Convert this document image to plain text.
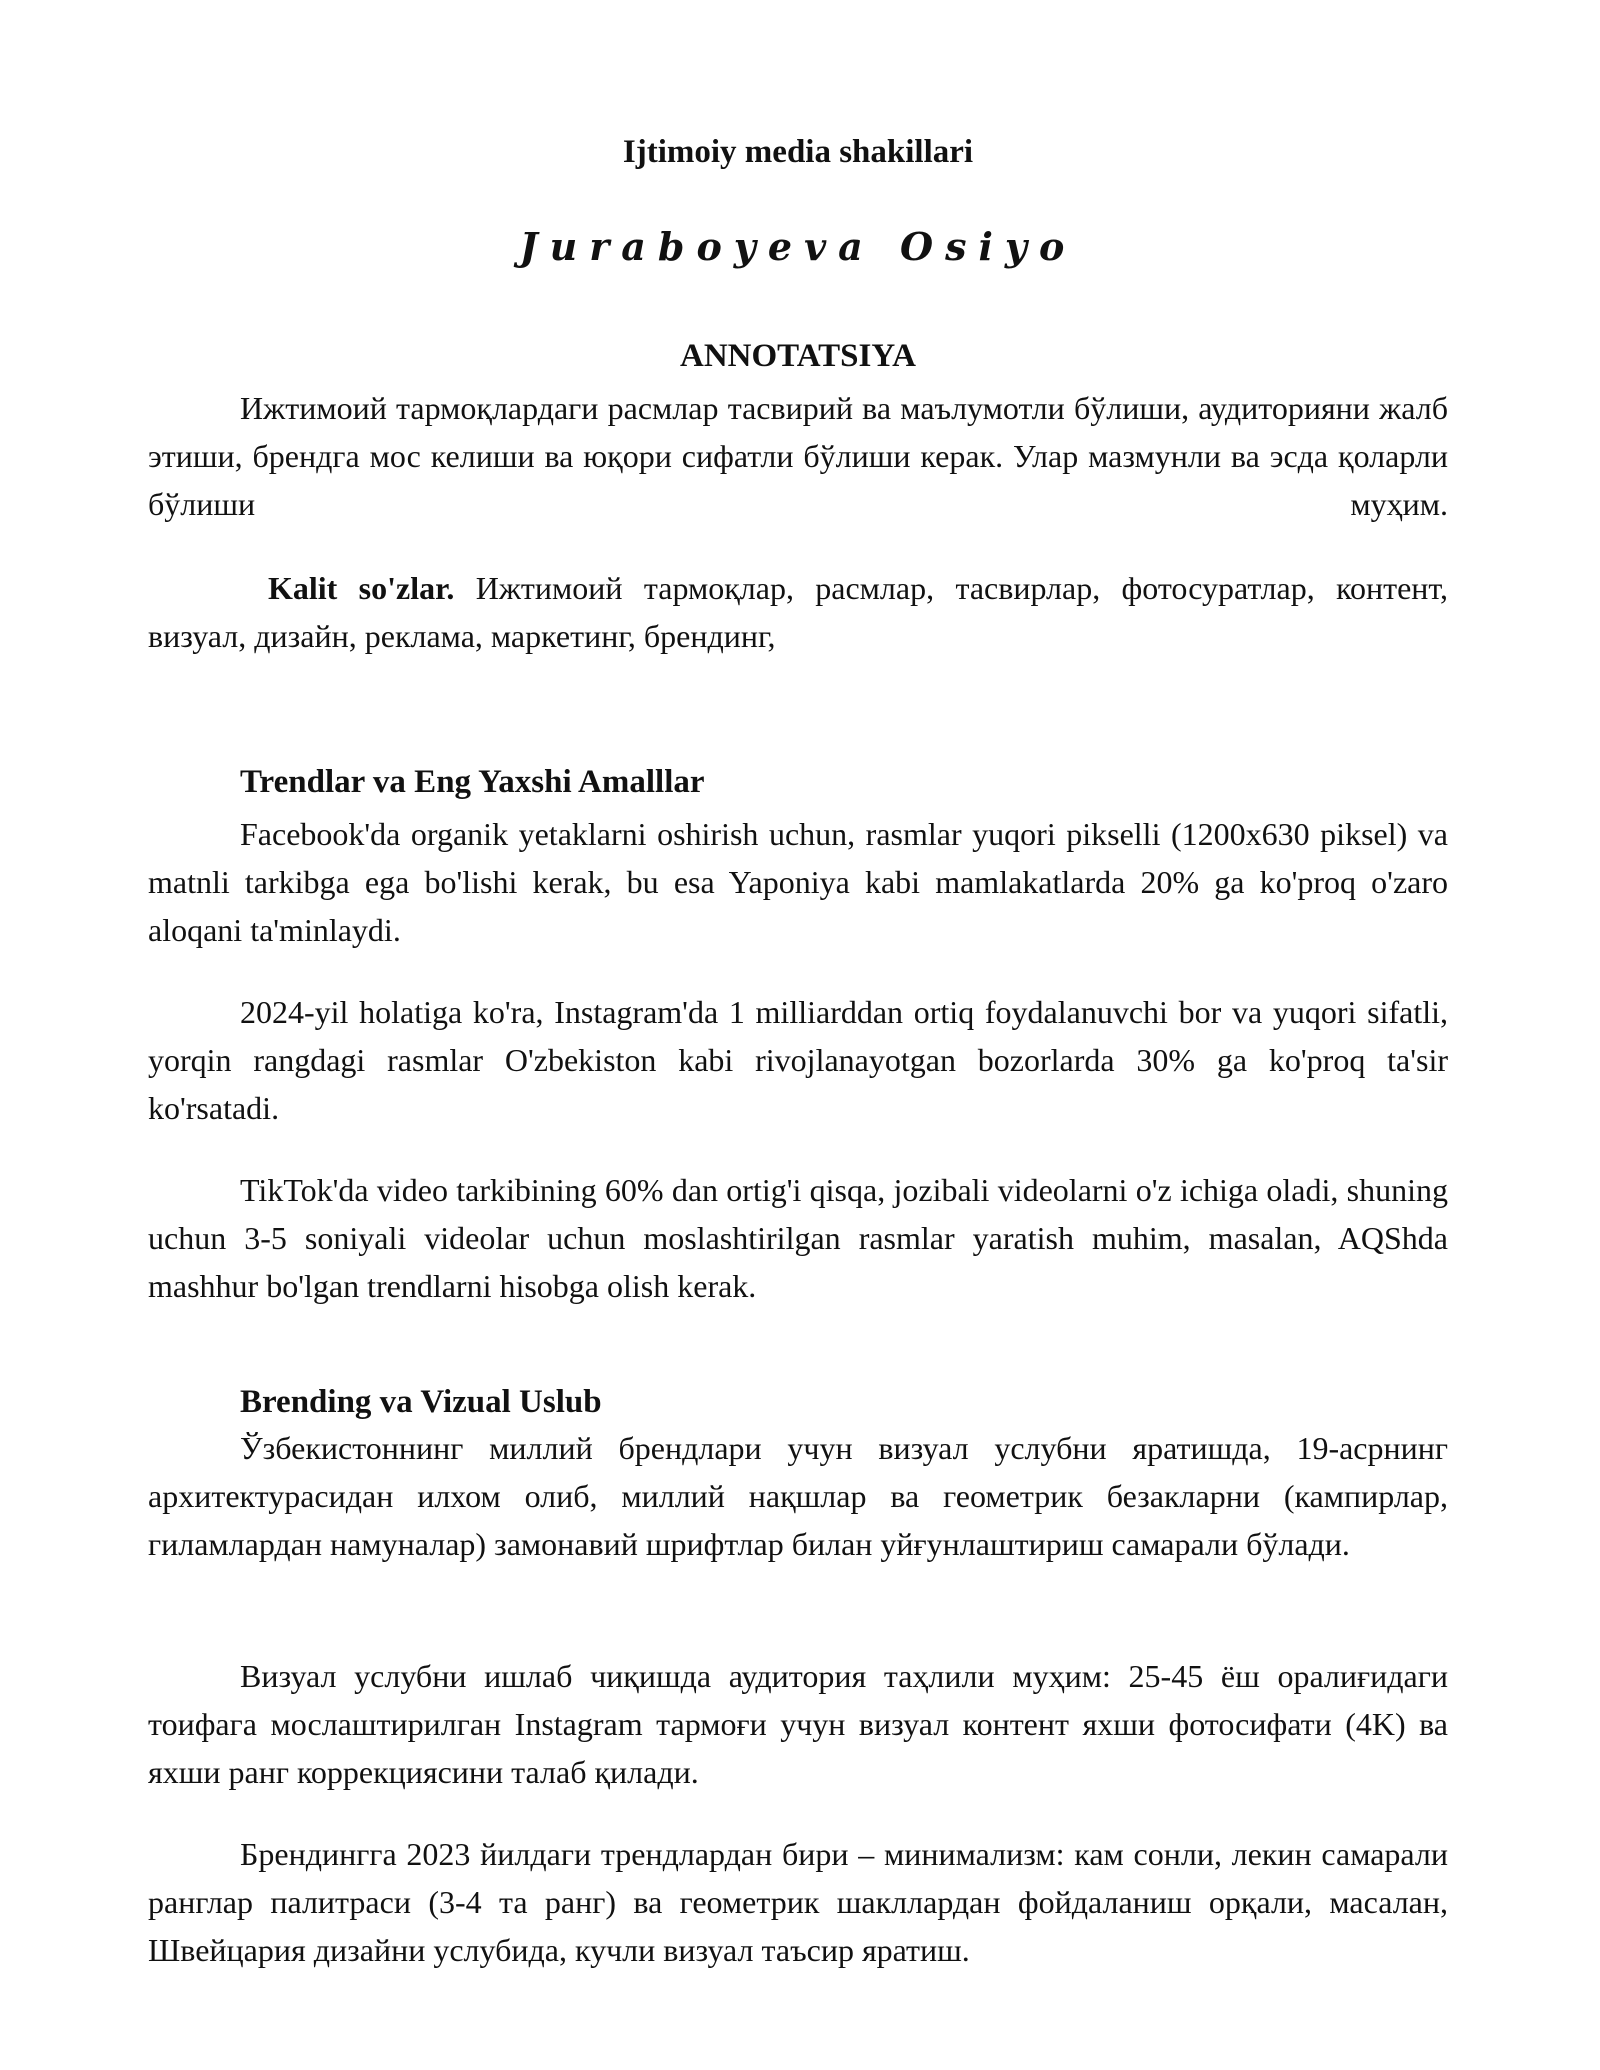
Ijtimoiy media shakillari
Juraboyeva Osiyo
ANNOTATSIYA

Ижтимоий тармоқлардаги расмлар тасвирий ва маълумотли бўлиши, аудиторияни жалб этиши, брендга мос келиши ва юқори сифатли бўлиши керак. Улар мазмунли ва эсда қоларли бўлиши муҳим.

Kalit so'zlar. Ижтимоий тармоқлар, расмлар, тасвирлар, фотосуратлар, контент, визуал, дизайн, реклама, маркетинг, брендинг,

Trendlar va Eng Yaxshi Amalllar

Facebook'da organik yetaklarni oshirish uchun, rasmlar yuqori pikselli (1200x630 piksel) va matnli tarkibga ega bo'lishi kerak, bu esa Yaponiya kabi mamlakatlarda 20% ga ko'proq o'zaro aloqani ta'minlaydi.

2024-yil holatiga ko'ra, Instagram'da 1 milliarddan ortiq foydalanuvchi bor va yuqori sifatli, yorqin rangdagi rasmlar O'zbekiston kabi rivojlanayotgan bozorlarda 30% ga ko'proq ta'sir ko'rsatadi.

TikTok'da video tarkibining 60% dan ortig'i qisqa, jozibali videolarni o'z ichiga oladi, shuning uchun 3-5 soniyali videolar uchun moslashtirilgan rasmlar yaratish muhim, masalan, AQShda mashhur bo'lgan trendlarni hisobga olish kerak.

Brending va Vizual Uslub

Ўзбекистоннинг миллий брендлари учун визуал услубни яратишда, 19-асрнинг архитектурасидан илхом олиб, миллий нақшлар ва геометрик безакларни (кампирлар, гиламлардан намуналар) замонавий шрифтлар билан уйғунлаштириш самарали бўлади.

Визуал услубни ишлаб чиқишда аудитория таҳлили муҳим: 25-45 ёш оралиғидаги тоифага мослаштирилган Instagram тармоғи учун визуал контент яхши фотосифати (4K) ва яхши ранг коррекциясини талаб қилади.

Брендингга 2023 йилдаги трендлардан бири – минимализм: кам сонли, лекин самарали ранглар палитраси (3-4 та ранг) ва геометрик шакллардан фойдаланиш орқали, масалан, Швейцария дизайни услубида, кучли визуал таъсир яратиш.
